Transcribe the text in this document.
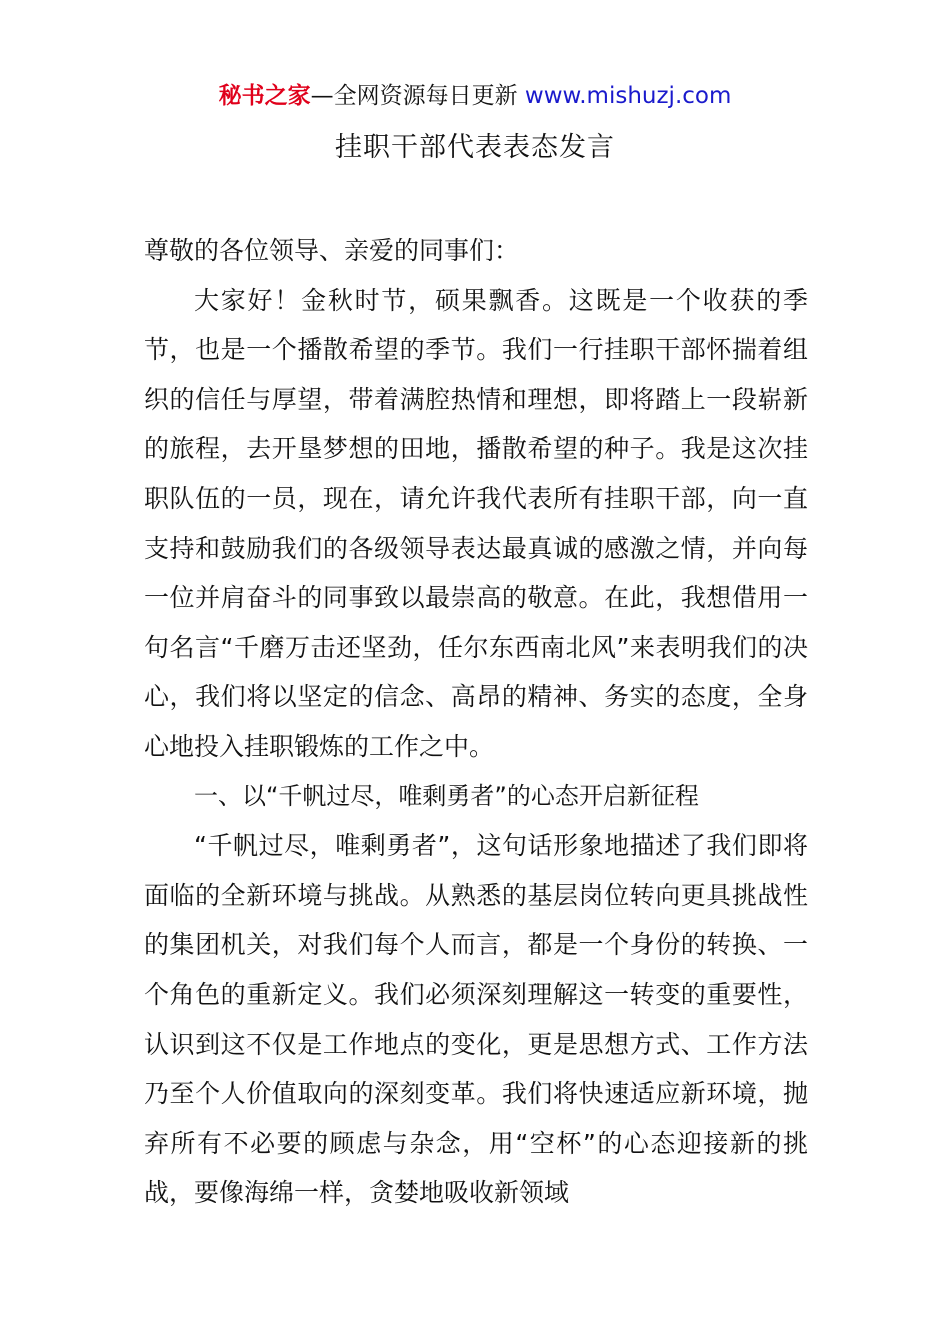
秘书之家—全网资源每日更新 www.mishuzj.com
挂职干部代表表态发言

尊敬的各位领导、亲爱的同事们：

大家好！金秋时节，硕果飘香。这既是一个收获的季节，也是一个播散希望的季节。我们一行挂职干部怀揣着组织的信任与厚望，带着满腔热情和理想，即将踏上一段崭新的旅程，去开垦梦想的田地，播散希望的种子。我是这次挂职队伍的一员，现在，请允许我代表所有挂职干部，向一直支持和鼓励我们的各级领导表达最真诚的感激之情，并向每一位并肩奋斗的同事致以最崇高的敬意。在此，我想借用一句名言“千磨万击还坚劲，任尔东西南北风”来表明我们的决心，我们将以坚定的信念、高昂的精神、务实的态度，全身心地投入挂职锻炼的工作之中。

一、以“千帆过尽，唯剩勇者”的心态开启新征程

“千帆过尽，唯剩勇者”，这句话形象地描述了我们即将面临的全新环境与挑战。从熟悉的基层岗位转向更具挑战性的集团机关，对我们每个人而言，都是一个身份的转换、一个角色的重新定义。我们必须深刻理解这一转变的重要性，认识到这不仅是工作地点的变化，更是思想方式、工作方法乃至个人价值取向的深刻变革。我们将快速适应新环境，抛弃所有不必要的顾虑与杂念，用“空杯”的心态迎接新的挑战，要像海绵一样，贪婪地吸收新领域
